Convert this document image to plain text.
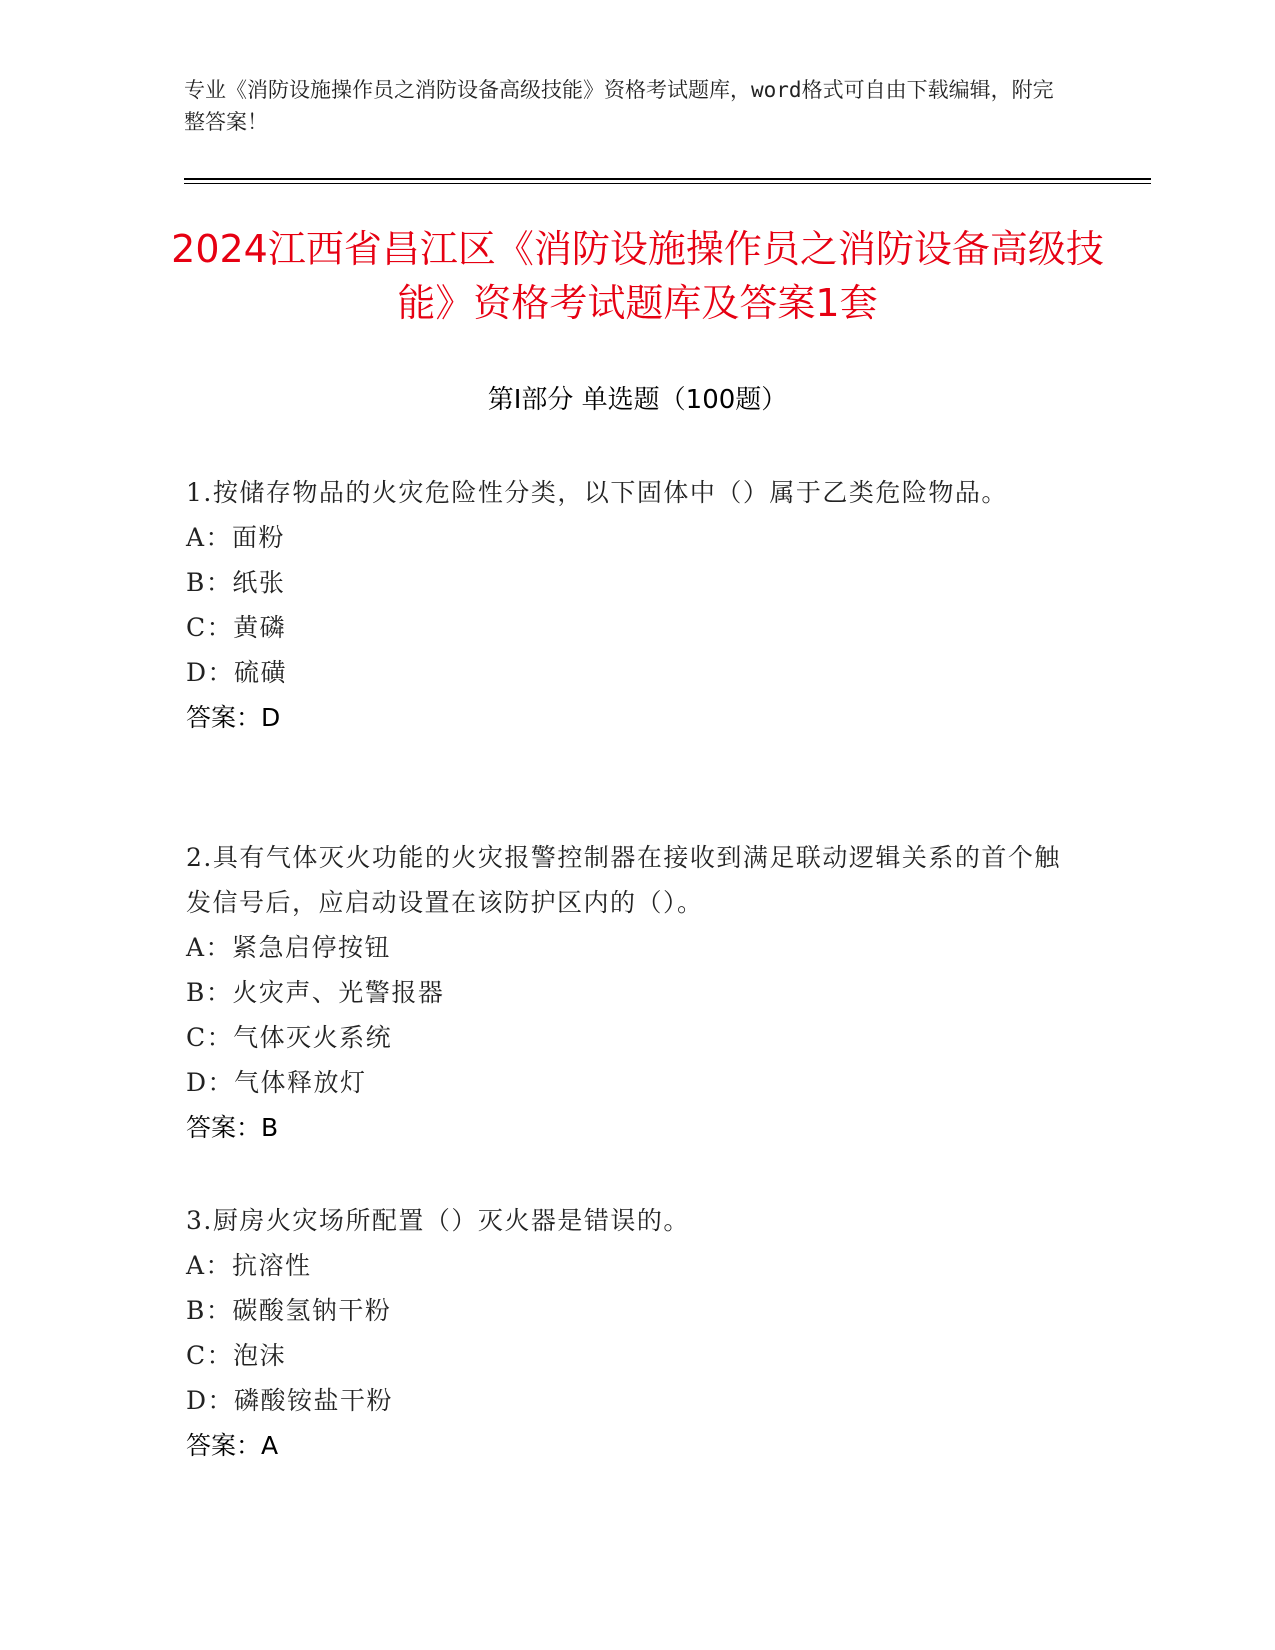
专业《消防设施操作员之消防设备高级技能》资格考试题库，word格式可自由下载编辑，附完整答案！
2024江西省昌江区《消防设施操作员之消防设备高级技能》资格考试题库及答案1套
第Ⅰ部分 单选题（100题）
1.按储存物品的火灾危险性分类，以下固体中（）属于乙类危险物品。
A：面粉
B：纸张
C：黄磷
D：硫磺
答案：D
2.具有气体灭火功能的火灾报警控制器在接收到满足联动逻辑关系的首个触发信号后，应启动设置在该防护区内的（）。
A：紧急启停按钮
B：火灾声、光警报器
C：气体灭火系统
D：气体释放灯
答案：B
3.厨房火灾场所配置（）灭火器是错误的。
A：抗溶性
B：碳酸氢钠干粉
C：泡沫
D：磷酸铵盐干粉
答案：A
